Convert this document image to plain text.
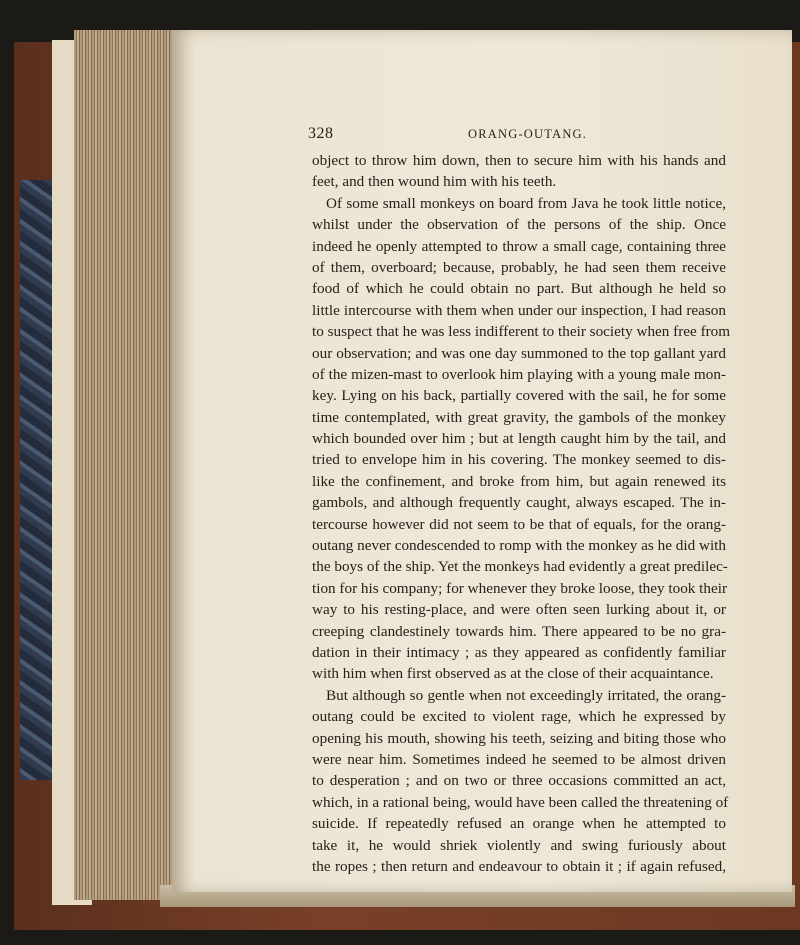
328	ORANG-OUTANG.
object to throw him down, then to secure him with his hands and
feet, and then wound him with his teeth.
Of some small monkeys on board from Java he took little notice,
whilst under the observation of the persons of the ship. Once
indeed he openly attempted to throw a small cage, containing three
of them, overboard; because, probably, he had seen them receive
food of which he could obtain no part. But although he held so
little intercourse with them when under our inspection, I had reason
to suspect that he was less indifferent to their society when free from
our observation; and was one day summoned to the top gallant yard
of the mizen-mast to overlook him playing with a young male mon-
key. Lying on his back, partially covered with the sail, he for some
time contemplated, with great gravity, the gambols of the monkey
which bounded over him ; but at length caught him by the tail, and
tried to envelope him in his covering. The monkey seemed to dis-
like the confinement, and broke from him, but again renewed its
gambols, and although frequently caught, always escaped. The in-
tercourse however did not seem to be that of equals, for the orang-
outang never condescended to romp with the monkey as he did with
the boys of the ship. Yet the monkeys had evidently a great predilec-
tion for his company; for whenever they broke loose, they took their
way to his resting-place, and were often seen lurking about it, or
creeping clandestinely towards him. There appeared to be no gra-
dation in their intimacy ; as they appeared as confidently familiar
with him when first observed as at the close of their acquaintance.
But although so gentle when not exceedingly irritated, the orang-
outang could be excited to violent rage, which he expressed by
opening his mouth, showing his teeth, seizing and biting those who
were near him. Sometimes indeed he seemed to be almost driven
to desperation ; and on two or three occasions committed an act,
which, in a rational being, would have been called the threatening of
suicide. If repeatedly refused an orange when he attempted to
take it, he would shriek violently and swing furiously about
the ropes ; then return and endeavour to obtain it ; if again refused,
